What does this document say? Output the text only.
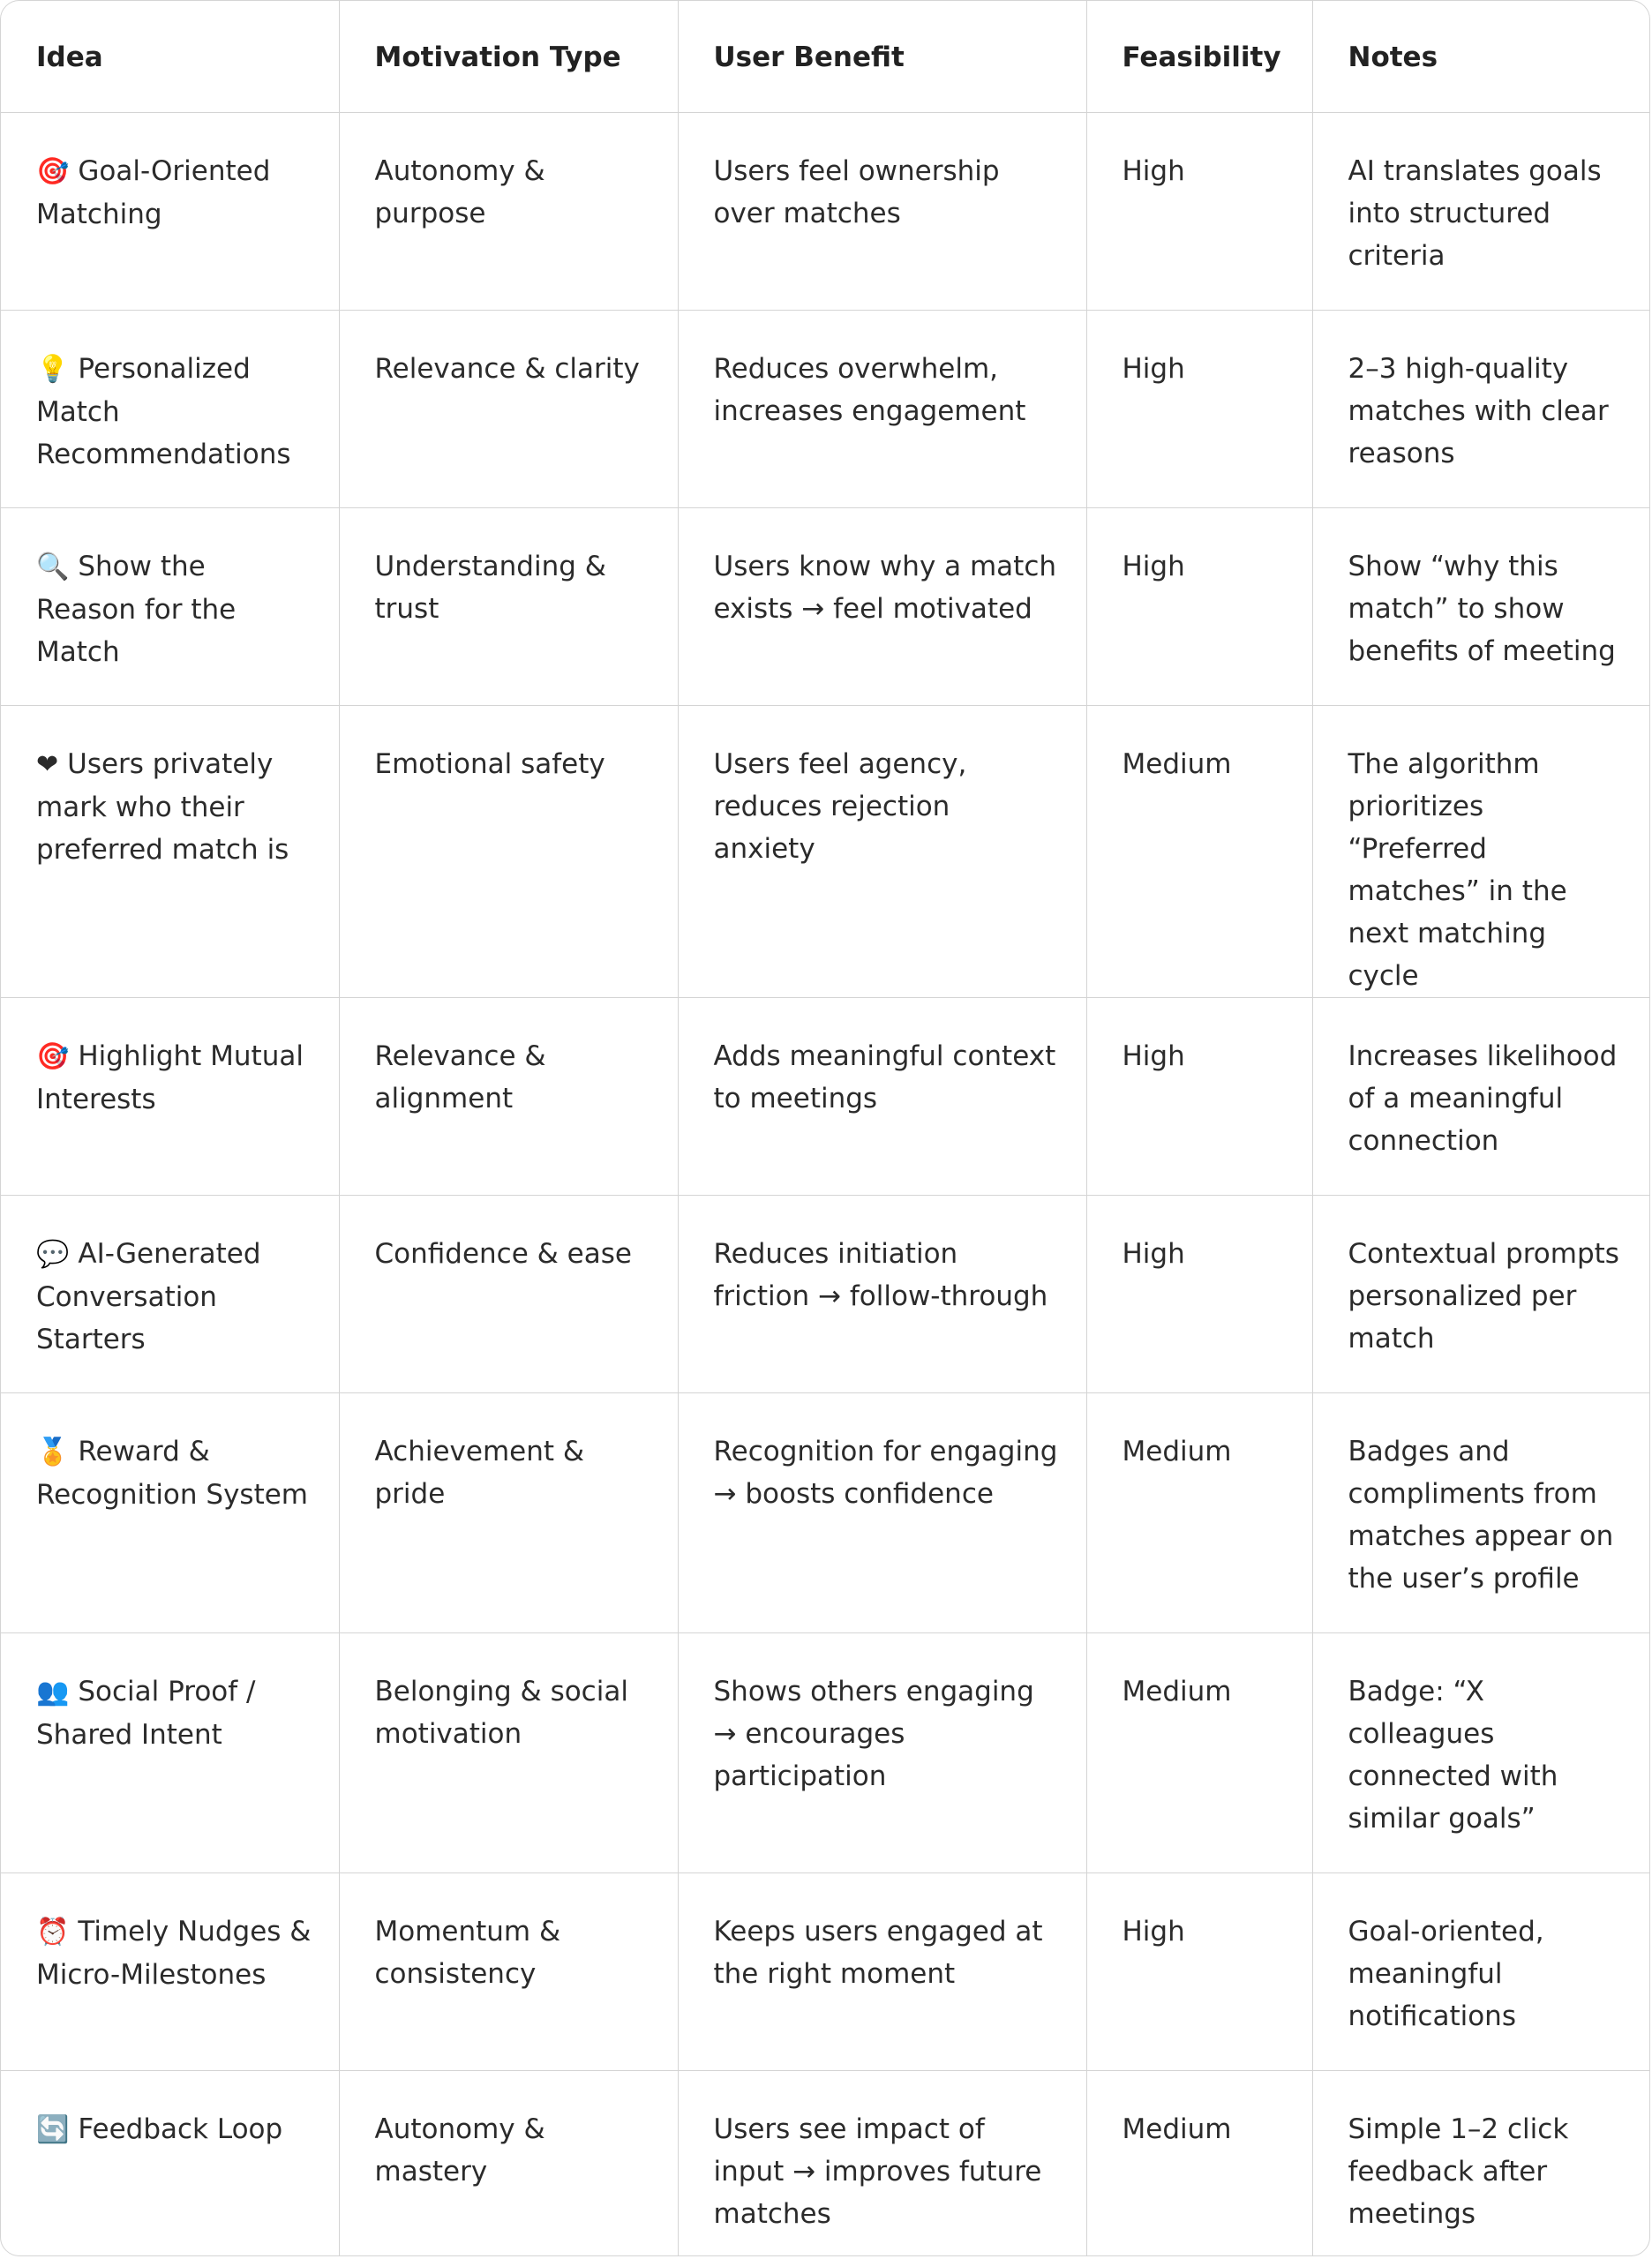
Idea	Motivation Type	User Benefit	Feasibility	Notes
🎯 Goal-Oriented Matching	Autonomy & purpose	Users feel ownership over matches	High	AI translates goals into structured criteria
💡 Personalized Match Recommendations	Relevance & clarity	Reduces overwhelm, increases engagement	High	2–3 high-quality matches with clear reasons
🔍 Show the Reason for the Match	Understanding & trust	Users know why a match exists → feel motivated	High	Show “why this match” to show benefits of meeting
❤ Users privately mark who their preferred match is	Emotional safety	Users feel agency, reduces rejection anxiety	Medium	The algorithm prioritizes “Preferred matches” in the next matching cycle
🎯 Highlight Mutual Interests	Relevance & alignment	Adds meaningful context to meetings	High	Increases likelihood of a meaningful connection
💬 AI-Generated Conversation Starters	Confidence & ease	Reduces initiation friction → follow-through	High	Contextual prompts personalized per match
🏅 Reward & Recognition System	Achievement & pride	Recognition for engaging → boosts confidence	Medium	Badges and compliments from matches appear on the user’s profile
👥 Social Proof / Shared Intent	Belonging & social motivation	Shows others engaging → encourages participation	Medium	Badge: “X colleagues connected with similar goals”
⏰ Timely Nudges & Micro-Milestones	Momentum & consistency	Keeps users engaged at the right moment	High	Goal-oriented, meaningful notifications
🔄 Feedback Loop	Autonomy & mastery	Users see impact of input → improves future matches	Medium	Simple 1–2 click feedback after meetings
